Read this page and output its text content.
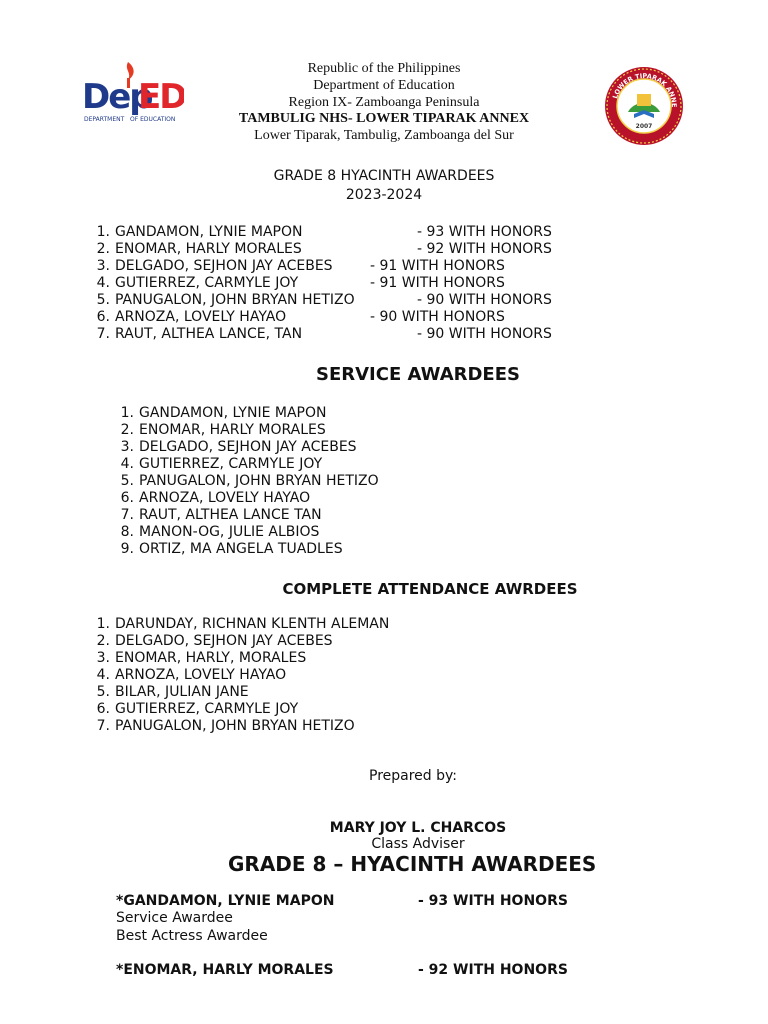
Dep
ED
DEPARTMENT OF EDUCATION
2007
LOWER TIPARAK ANNE
Republic of the Philippines
Department of Education
Region IX- Zamboanga Peninsula
TAMBULIG NHS- LOWER TIPARAK ANNEX
Lower Tiparak, Tambulig, Zamboanga del Sur
GRADE 8 HYACINTH AWARDEES
2023-2024
1. GANDAMON, LYNIE MAPON	- 93 WITH HONORS
2. ENOMAR, HARLY MORALES	- 92 WITH HONORS
3. DELGADO, SEJHON JAY ACEBES	- 91 WITH HONORS
4. GUTIERREZ, CARMYLE JOY	- 91 WITH HONORS
5. PANUGALON, JOHN BRYAN HETIZO	- 90 WITH HONORS
6. ARNOZA, LOVELY HAYAO	- 90 WITH HONORS
7. RAUT, ALTHEA LANCE, TAN	- 90 WITH HONORS
SERVICE AWARDEES
1. GANDAMON, LYNIE MAPON
2. ENOMAR, HARLY MORALES
3. DELGADO, SEJHON JAY ACEBES
4. GUTIERREZ, CARMYLE JOY
5. PANUGALON, JOHN BRYAN HETIZO
6. ARNOZA, LOVELY HAYAO
7. RAUT, ALTHEA LANCE TAN
8. MANON-OG, JULIE ALBIOS
9. ORTIZ, MA ANGELA TUADLES
COMPLETE ATTENDANCE AWRDEES
1. DARUNDAY, RICHNAN KLENTH ALEMAN
2. DELGADO, SEJHON JAY ACEBES
3. ENOMAR, HARLY, MORALES
4. ARNOZA, LOVELY HAYAO
5. BILAR, JULIAN JANE
6. GUTIERREZ, CARMYLE JOY
7. PANUGALON, JOHN BRYAN HETIZO
Prepared by:
MARY JOY L. CHARCOS
Class Adviser
GRADE 8 – HYACINTH AWARDEES
*GANDAMON, LYNIE MAPON	- 93 WITH HONORS
Service Awardee
Best Actress Awardee
*ENOMAR, HARLY MORALES	- 92 WITH HONORS
